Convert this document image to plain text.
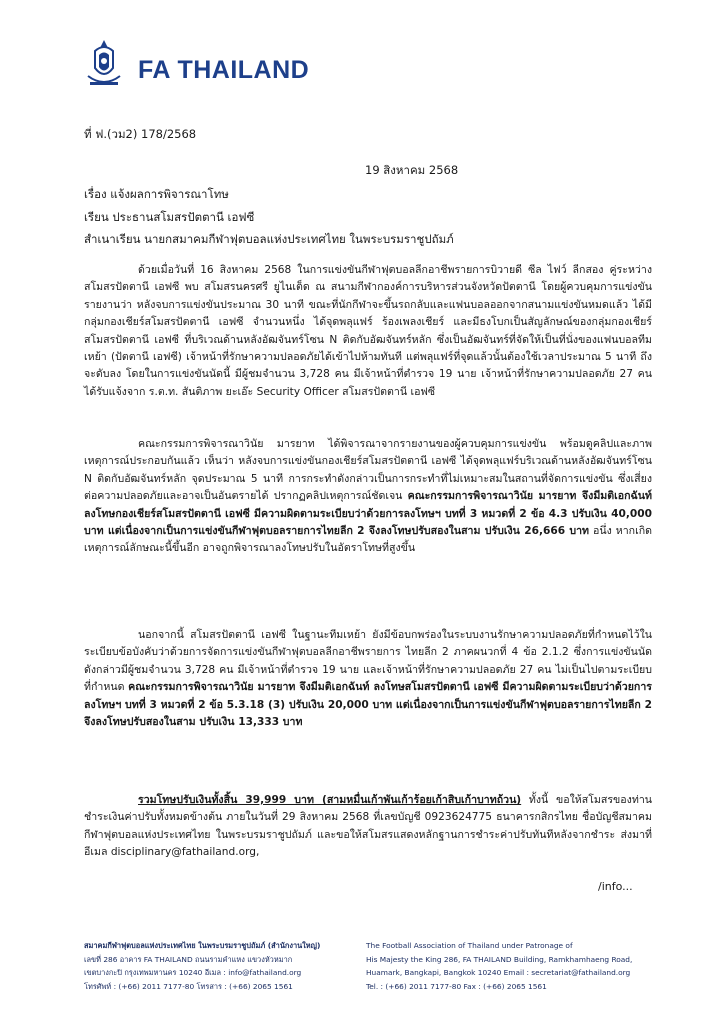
FA THAILAND
ที่ ฟ.(วม2) 178/2568
19 สิงหาคม 2568
เรื่อง แจ้งผลการพิจารณาโทษ
เรียน ประธานสโมสรปัตตานี เอฟซี
สำเนาเรียน นายกสมาคมกีฬาฟุตบอลแห่งประเทศไทย ในพระบรมราชูปถัมภ์
ด้วยเมื่อวันที่ 16 สิงหาคม 2568 ในการแข่งขันกีฬาฟุตบอลลีกอาชีพรายการบิวายดี ซีล ไฟว์ ลีกสอง คู่ระหว่างสโมสรปัตตานี เอฟซี พบ สโมสรนครศรี ยูไนเต็ด ณ สนามกีฬากองค์การบริหารส่วนจังหวัดปัตตานี โดยผู้ควบคุมการแข่งขันรายงานว่า หลังจบการแข่งขันประมาณ 30 นาที ขณะที่นักกีฬาจะขึ้นรถกลับและแฟนบอลออกจากสนามแข่งขันหมดแล้ว ได้มีกลุ่มกองเชียร์สโมสรปัตตานี เอฟซี จำนวนหนึ่ง ได้จุดพลุแฟร์ ร้องเพลงเชียร์ และมีธงโบกเป็นสัญลักษณ์ของกลุ่มกองเชียร์สโมสรปัตตานี เอฟซี ที่บริเวณด้านหลังอัฒจันทร์โซน N ติดกับอัฒจันทร์หลัก ซึ่งเป็นอัฒจันทร์ที่จัดให้เป็นที่นั่งของแฟนบอลทีมเหย้า (ปัตตานี เอฟซี) เจ้าหน้าที่รักษาความปลอดภัยได้เข้าไปห้ามทันที แต่พลุแฟร์ที่จุดแล้วนั้นต้องใช้เวลาประมาณ 5 นาที ถึงจะดับลง โดยในการแข่งขันนัดนี้ มีผู้ชมจำนวน 3,728 คน มีเจ้าหน้าที่ตำรวจ 19 นาย เจ้าหน้าที่รักษาความปลอดภัย 27 คน ได้รับแจ้งจาก ร.ต.ท. สันติภาพ ยะเอ๊ะ Security Officer สโมสรปัตตานี เอฟซี
คณะกรรมการพิจารณาวินัย มารยาท ได้พิจารณาจากรายงานของผู้ควบคุมการแข่งขัน พร้อมดูคลิปและภาพเหตุการณ์ประกอบกันแล้ว เห็นว่า หลังจบการแข่งขันกองเชียร์สโมสรปัตตานี เอฟซี ได้จุดพลุแฟร์บริเวณด้านหลังอัฒจันทร์โซน N ติดกับอัฒจันทร์หลัก จุดประมาณ 5 นาที การกระทำดังกล่าวเป็นการกระทำที่ไม่เหมาะสมในสถานที่จัดการแข่งขัน ซึ่งเสี่ยงต่อความปลอดภัยและอาจเป็นอันตรายได้ ปรากฏคลิปเหตุการณ์ชัดเจน คณะกรรมการพิจารณาวินัย มารยาท จึงมีมติเอกฉันท์ ลงโทษกองเชียร์สโมสรปัตตานี เอฟซี มีความผิดตามระเบียบว่าด้วยการลงโทษฯ บทที่ 3 หมวดที่ 2 ข้อ 4.3 ปรับเงิน 40,000 บาท แต่เนื่องจากเป็นการแข่งขันกีฬาฟุตบอลรายการไทยลีก 2 จึงลงโทษปรับสองในสาม ปรับเงิน 26,666 บาท อนึ่ง หากเกิดเหตุการณ์ลักษณะนี้ขึ้นอีก อาจถูกพิจารณาลงโทษปรับในอัตราโทษที่สูงขึ้น
นอกจากนี้ สโมสรปัตตานี เอฟซี ในฐานะทีมเหย้า ยังมีข้อบกพร่องในระบบงานรักษาความปลอดภัยที่กำหนดไว้ในระเบียบข้อบังคับว่าด้วยการจัดการแข่งขันกีฬาฟุตบอลลีกอาชีพรายการ ไทยลีก 2 ภาคผนวกที่ 4 ข้อ 2.1.2 ซึ่งการแข่งขันนัดดังกล่าวมีผู้ชมจำนวน 3,728 คน มีเจ้าหน้าที่ตำรวจ 19 นาย และเจ้าหน้าที่รักษาความปลอดภัย 27 คน ไม่เป็นไปตามระเบียบที่กำหนด คณะกรรมการพิจารณาวินัย มารยาท จึงมีมติเอกฉันท์ ลงโทษสโมสรปัตตานี เอฟซี มีความผิดตามระเบียบว่าด้วยการลงโทษฯ บทที่ 3 หมวดที่ 2 ข้อ 5.3.18 (3) ปรับเงิน 20,000 บาท แต่เนื่องจากเป็นการแข่งขันกีฬาฟุตบอลรายการไทยลีก 2 จึงลงโทษปรับสองในสาม ปรับเงิน 13,333 บาท
รวมโทษปรับเงินทั้งสิ้น 39,999 บาท (สามหมื่นเก้าพันเก้าร้อยเก้าสิบเก้าบาทถ้วน) ทั้งนี้ ขอให้สโมสรของท่านชำระเงินค่าปรับทั้งหมดข้างต้น ภายในวันที่ 29 สิงหาคม 2568 ที่เลขบัญชี 0923624775 ธนาคารกสิกรไทย ชื่อบัญชีสมาคมกีฬาฟุตบอลแห่งประเทศไทย ในพระบรมราชูปถัมภ์ และขอให้สโมสรแสดงหลักฐานการชำระค่าปรับทันทีหลังจากชำระ ส่งมาที่อีเมล disciplinary@fathailand.org,
/info...
สมาคมกีฬาฟุตบอลแห่งประเทศไทย ในพระบรมราชูปถัมภ์ (สำนักงานใหญ่)
เลขที่ 286 อาคาร FA THAILAND ถนนรามคำแหง แขวงหัวหมาก
เขตบางกะปิ กรุงเทพมหานคร 10240 อีเมล : info@fathailand.org
โทรศัพท์ : (+66) 2011 7177-80 โทรสาร : (+66) 2065 1561
The Football Association of Thailand under Patronage of
His Majesty the King 286, FA THAILAND Building, Ramkhamhaeng Road,
Huamark, Bangkapi, Bangkok 10240 Email : secretariat@fathailand.org
Tel. : (+66) 2011 7177-80 Fax : (+66) 2065 1561
